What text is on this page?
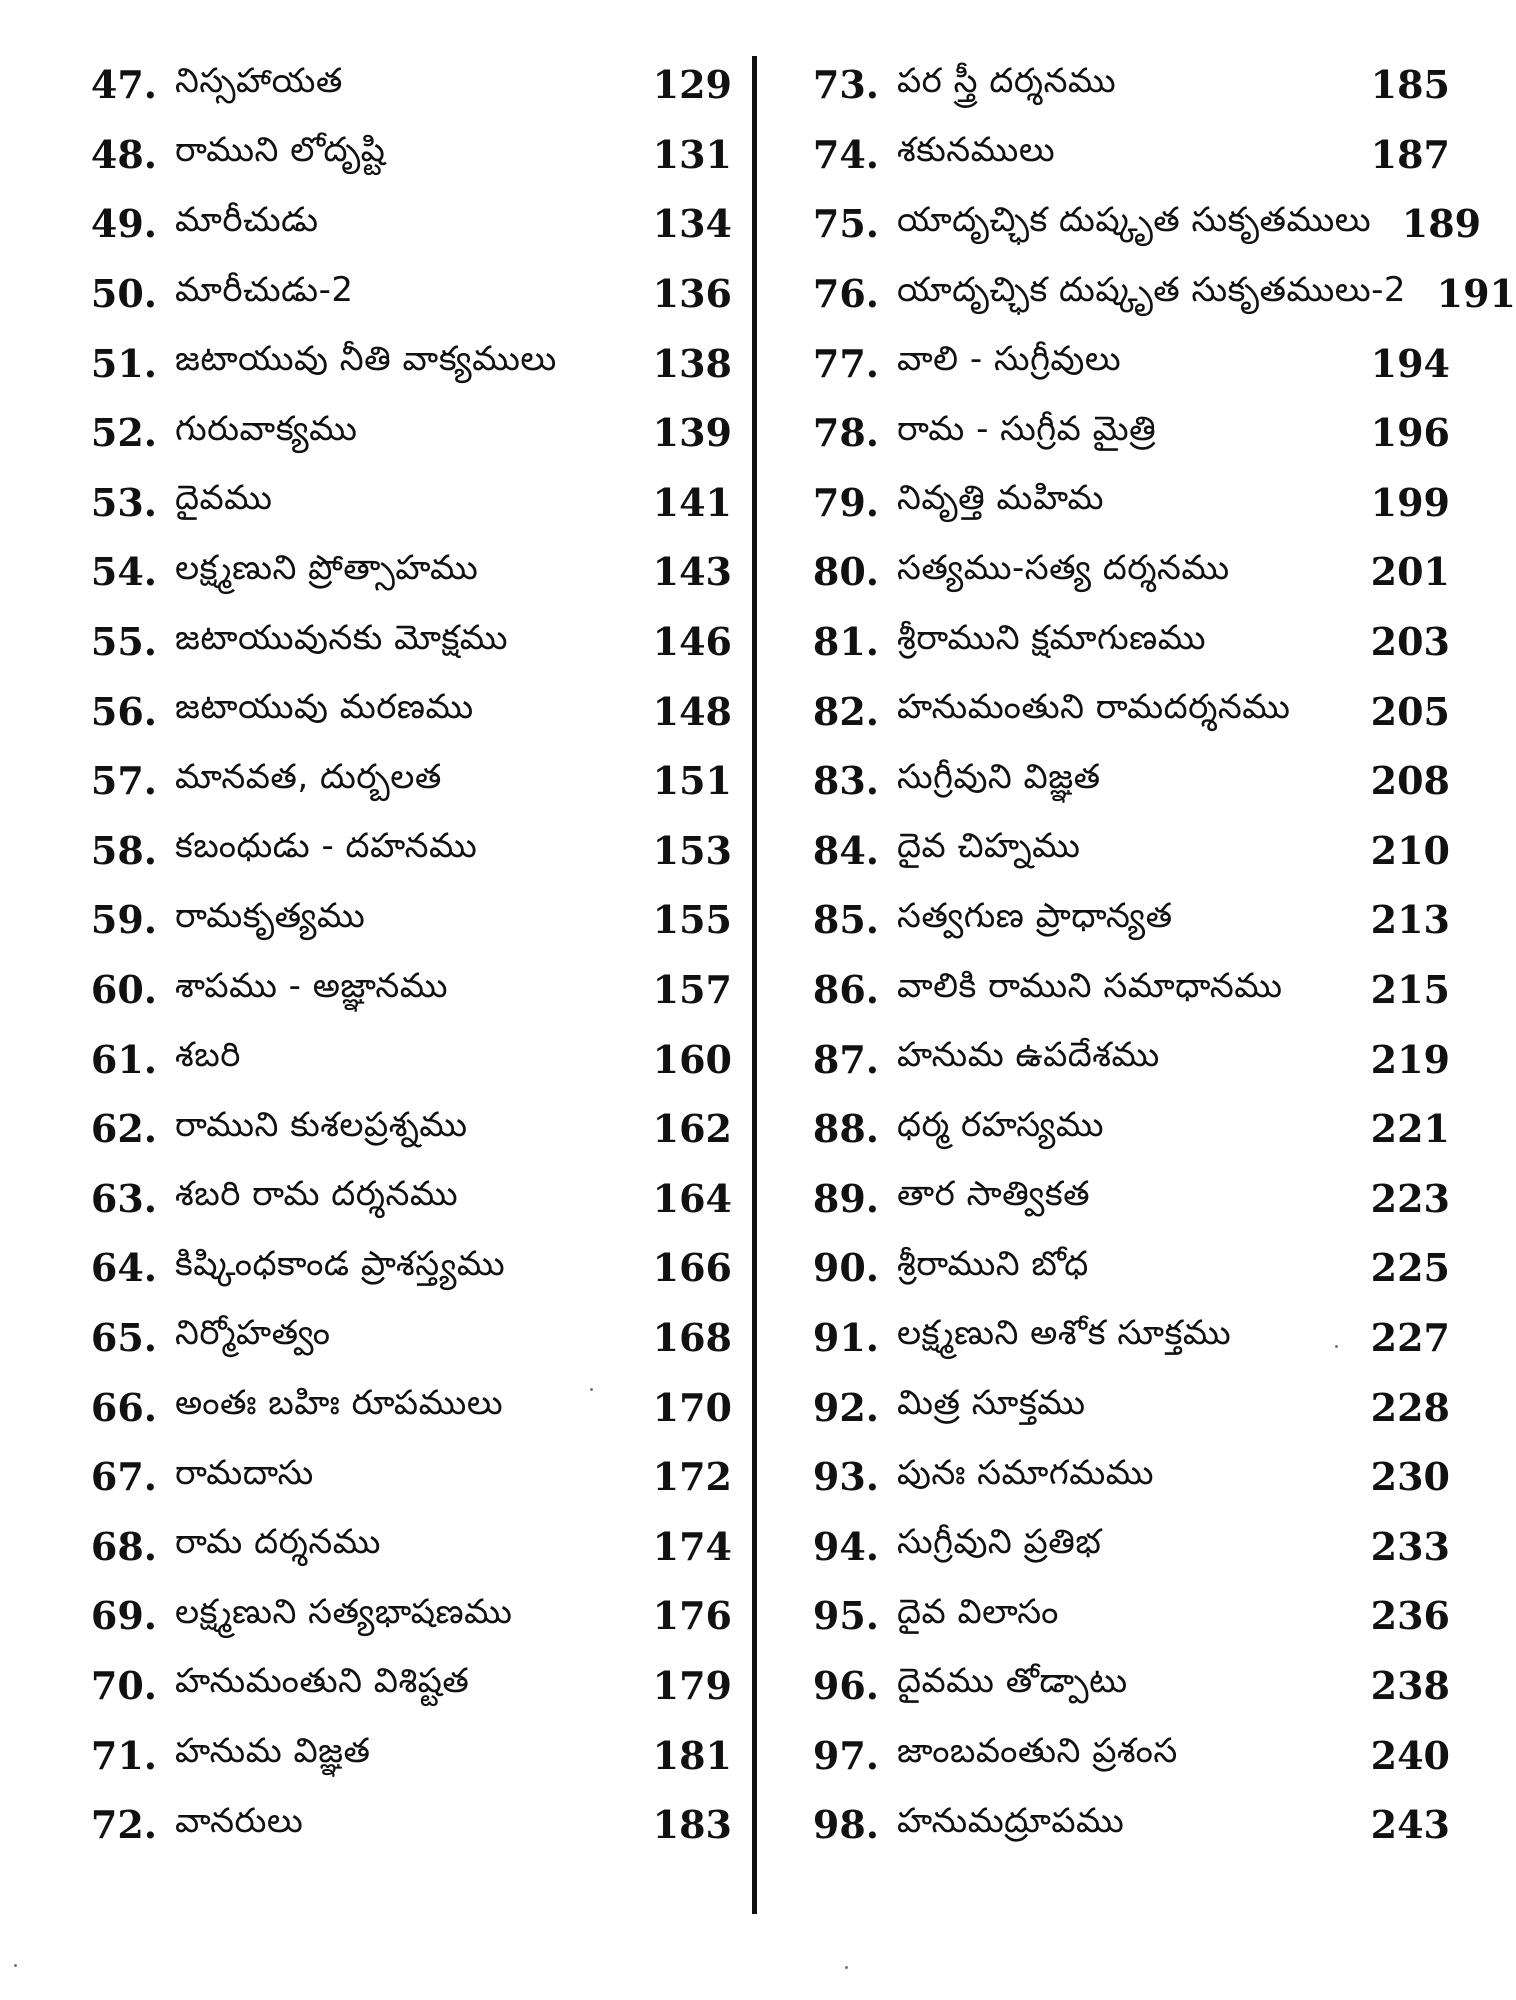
47. నిస్సహాయత	129
48. రాముని లోదృష్టి	131
49. మారీచుడు	134
50. మారీచుడు-2	136
51. జటాయువు నీతి వాక్యములు	138
52. గురువాక్యము	139
53. దైవము	141
54. లక్ష్మణుని ప్రోత్సాహము	143
55. జటాయువునకు మోక్షము	146
56. జటాయువు మరణము	148
57. మానవత, దుర్బలత	151
58. కబంధుడు - దహనము	153
59. రామకృత్యము	155
60. శాపము - అజ్ఞానము	157
61. శబరి	160
62. రాముని కుశలప్రశ్నము	162
63. శబరి రామ దర్శనము	164
64. కిష్కింధకాండ ప్రాశస్త్యము	166
65. నిర్మోహత్వం	168
66. అంతః బహిః రూపములు	170
67. రామదాసు	172
68. రామ దర్శనము	174
69. లక్ష్మణుని సత్యభాషణము	176
70. హనుమంతుని విశిష్టత	179
71. హనుమ విజ్ఞత	181
72. వానరులు	183
73. పర స్త్రీ దర్శనము	185
74. శకునములు	187
75. యాదృచ్ఛిక దుష్కృత సుకృతములు 189
76. యాదృచ్ఛిక దుష్కృత సుకృతములు-2 191
77. వాలి - సుగ్రీవులు	194
78. రామ - సుగ్రీవ మైత్రి	196
79. నివృత్తి మహిమ	199
80. సత్యము-సత్య దర్శనము	201
81. శ్రీరాముని క్షమాగుణము	203
82. హనుమంతుని రామదర్శనము	205
83. సుగ్రీవుని విజ్ఞత	208
84. దైవ చిహ్నము	210
85. సత్వగుణ ప్రాధాన్యత	213
86. వాలికి రాముని సమాధానము	215
87. హనుమ ఉపదేశము	219
88. ధర్మ రహస్యము	221
89. తార సాత్వికత	223
90. శ్రీరాముని బోధ	225
91. లక్ష్మణుని అశోక సూక్తము	227
92. మిత్ర సూక్తము	228
93. పునః సమాగమము	230
94. సుగ్రీవుని ప్రతిభ	233
95. దైవ విలాసం	236
96. దైవము తోడ్పాటు	238
97. జాంబవంతుని ప్రశంస	240
98. హనుమద్రూపము	243
